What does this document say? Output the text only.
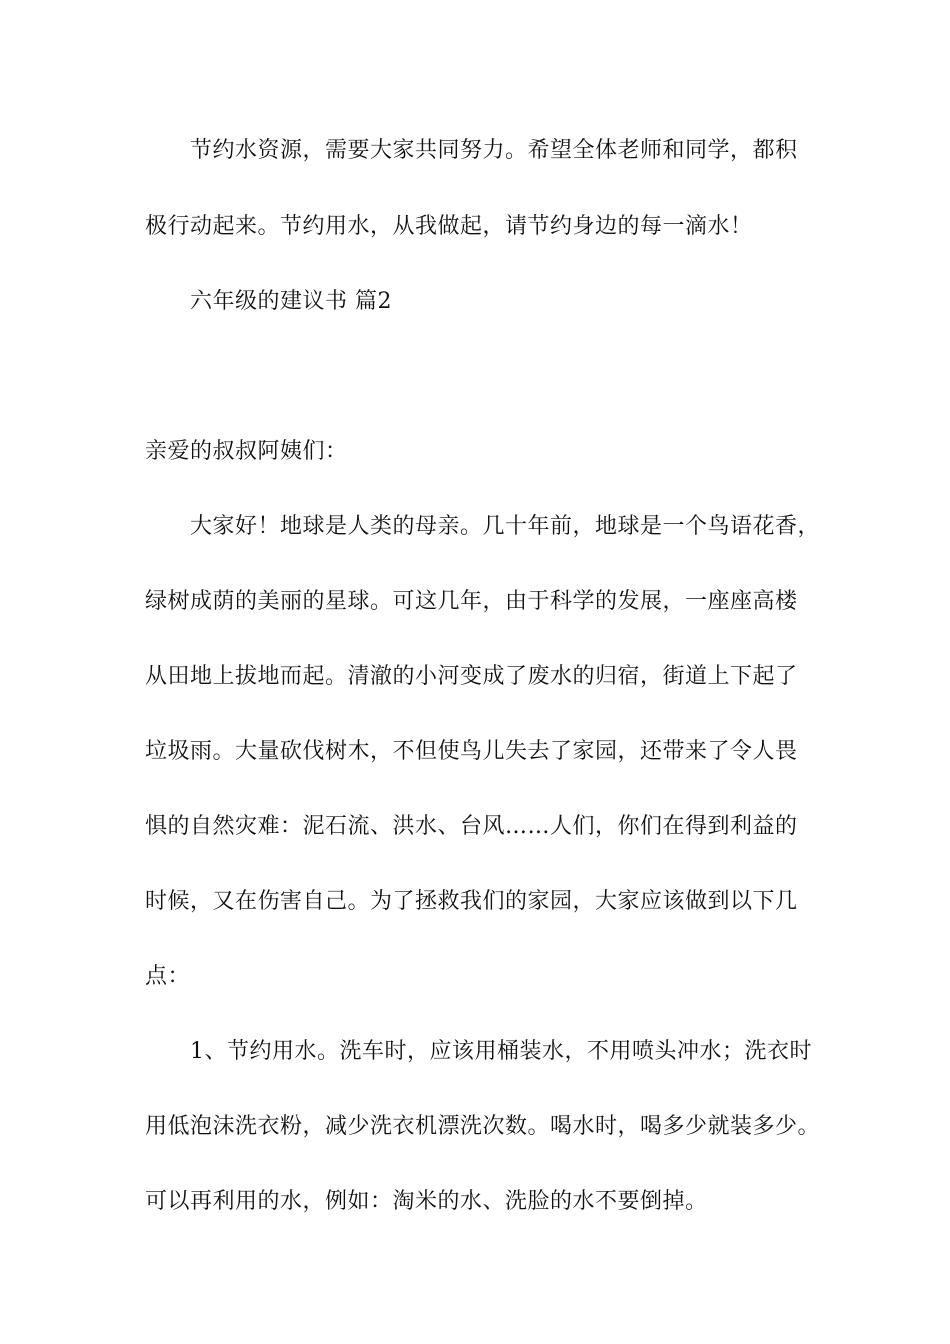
节约水资源，需要大家共同努力。希望全体老师和同学，都积
极行动起来。节约用水，从我做起，请节约身边的每一滴水！
六年级的建议书 篇2
亲爱的叔叔阿姨们：
大家好！地球是人类的母亲。几十年前，地球是一个鸟语花香，
绿树成荫的美丽的星球。可这几年，由于科学的发展，一座座高楼
从田地上拔地而起。清澈的小河变成了废水的归宿，街道上下起了
垃圾雨。大量砍伐树木，不但使鸟儿失去了家园，还带来了令人畏
惧的自然灾难：泥石流、洪水、台风……人们，你们在得到利益的
时候，又在伤害自己。为了拯救我们的家园，大家应该做到以下几
点：
1、节约用水。洗车时，应该用桶装水，不用喷头冲水；洗衣时
用低泡沫洗衣粉，减少洗衣机漂洗次数。喝水时，喝多少就装多少。
可以再利用的水，例如：淘米的水、洗脸的水不要倒掉。
